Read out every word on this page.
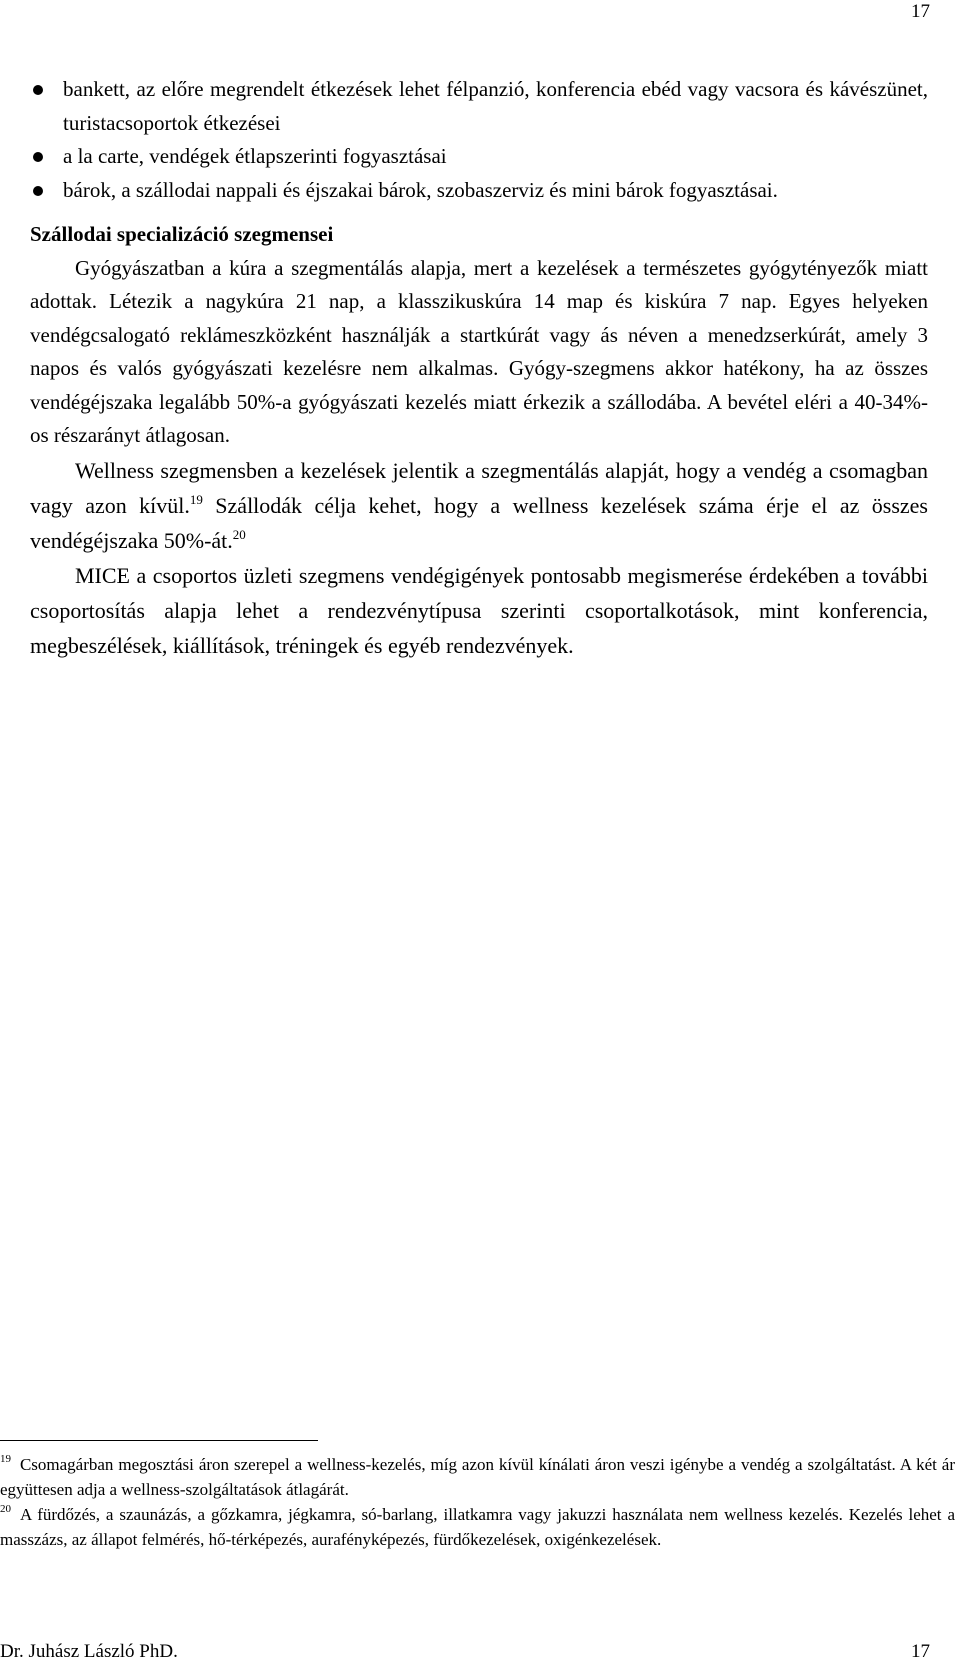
17
bankett, az előre megrendelt étkezések lehet félpanzió, konferencia ebéd vagy vacsora és kávészünet, turistacsoportok étkezései
a la carte, vendégek étlapszerinti fogyasztásai
bárok, a szállodai nappali és éjszakai bárok, szobaszerviz és mini bárok fogyasztásai.
Szállodai specializáció szegmensei

Gyógyászatban a kúra a szegmentálás alapja, mert a kezelések a természetes gyógytényezők miatt adottak. Létezik a nagykúra 21 nap, a klasszikuskúra 14 map és kiskúra 7 nap. Egyes helyeken vendégcsalogató reklámeszközként használják a startkúrát vagy ás néven a menedzserkúrát, amely 3 napos és valós gyógyászati kezelésre nem alkalmas. Gyógy-szegmens akkor hatékony, ha az összes vendégéjszaka legalább 50%-a gyógyászati kezelés miatt érkezik a szállodába. A bevétel eléri a 40-34%-os részarányt átlagosan.

Wellness szegmensben a kezelések jelentik a szegmentálás alapját, hogy a vendég a csomagban vagy azon kívül.$^{19}$ Szállodák célja kehet, hogy a wellness kezelések száma érje el az összes vendégéjszaka 50%-át.$^{20}$

MICE a csoportos üzleti szegmens vendégigények pontosabb megismerése érdekében a további csoportosítás alapja lehet a rendezvénytípusa szerinti csoportalkotások, mint konferencia, megbeszélések, kiállítások, tréningek és egyéb rendezvények.

$^{19}$ Csomagárban megosztási áron szerepel a wellness-kezelés, míg azon kívül kínálati áron veszi igénybe a vendég a szolgáltatást. A két ár együttesen adja a wellness-szolgáltatások átlagárát.

$^{20}$ A fürdőzés, a szaunázás, a gőzkamra, jégkamra, só-barlang, illatkamra vagy jakuzzi használata nem wellness kezelés. Kezelés lehet a masszázs, az állapot felmérés, hő-térképezés, aurafényképezés, fürdőkezelések, oxigénkezelések.

Dr. Juhász László PhD.	17
